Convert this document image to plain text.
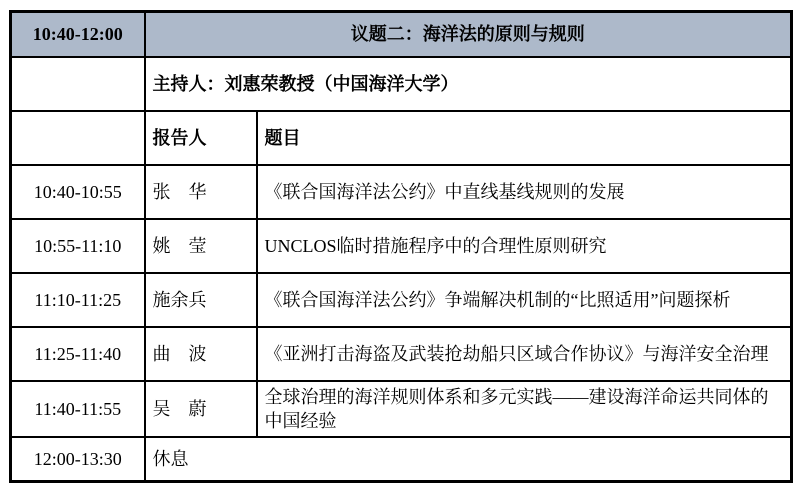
10:40-12:00	议题二：海洋法的原则与规则	
	主持人：刘惠荣教授（中国海洋大学）	
	报告人	题目
10:40-10:55	张　华	《联合国海洋法公约》中直线基线规则的发展
10:55-11:10	姚　莹	UNCLOS临时措施程序中的合理性原则研究
11:10-11:25	施余兵	《联合国海洋法公约》争端解决机制的“比照适用”问题探析
11:25-11:40	曲　波	《亚洲打击海盗及武装抢劫船只区域合作协议》与海洋安全治理
11:40-11:55	吴　蔚	全球治理的海洋规则体系和多元实践——建设海洋命运共同体的中国经验
12:00-13:30	休息	
